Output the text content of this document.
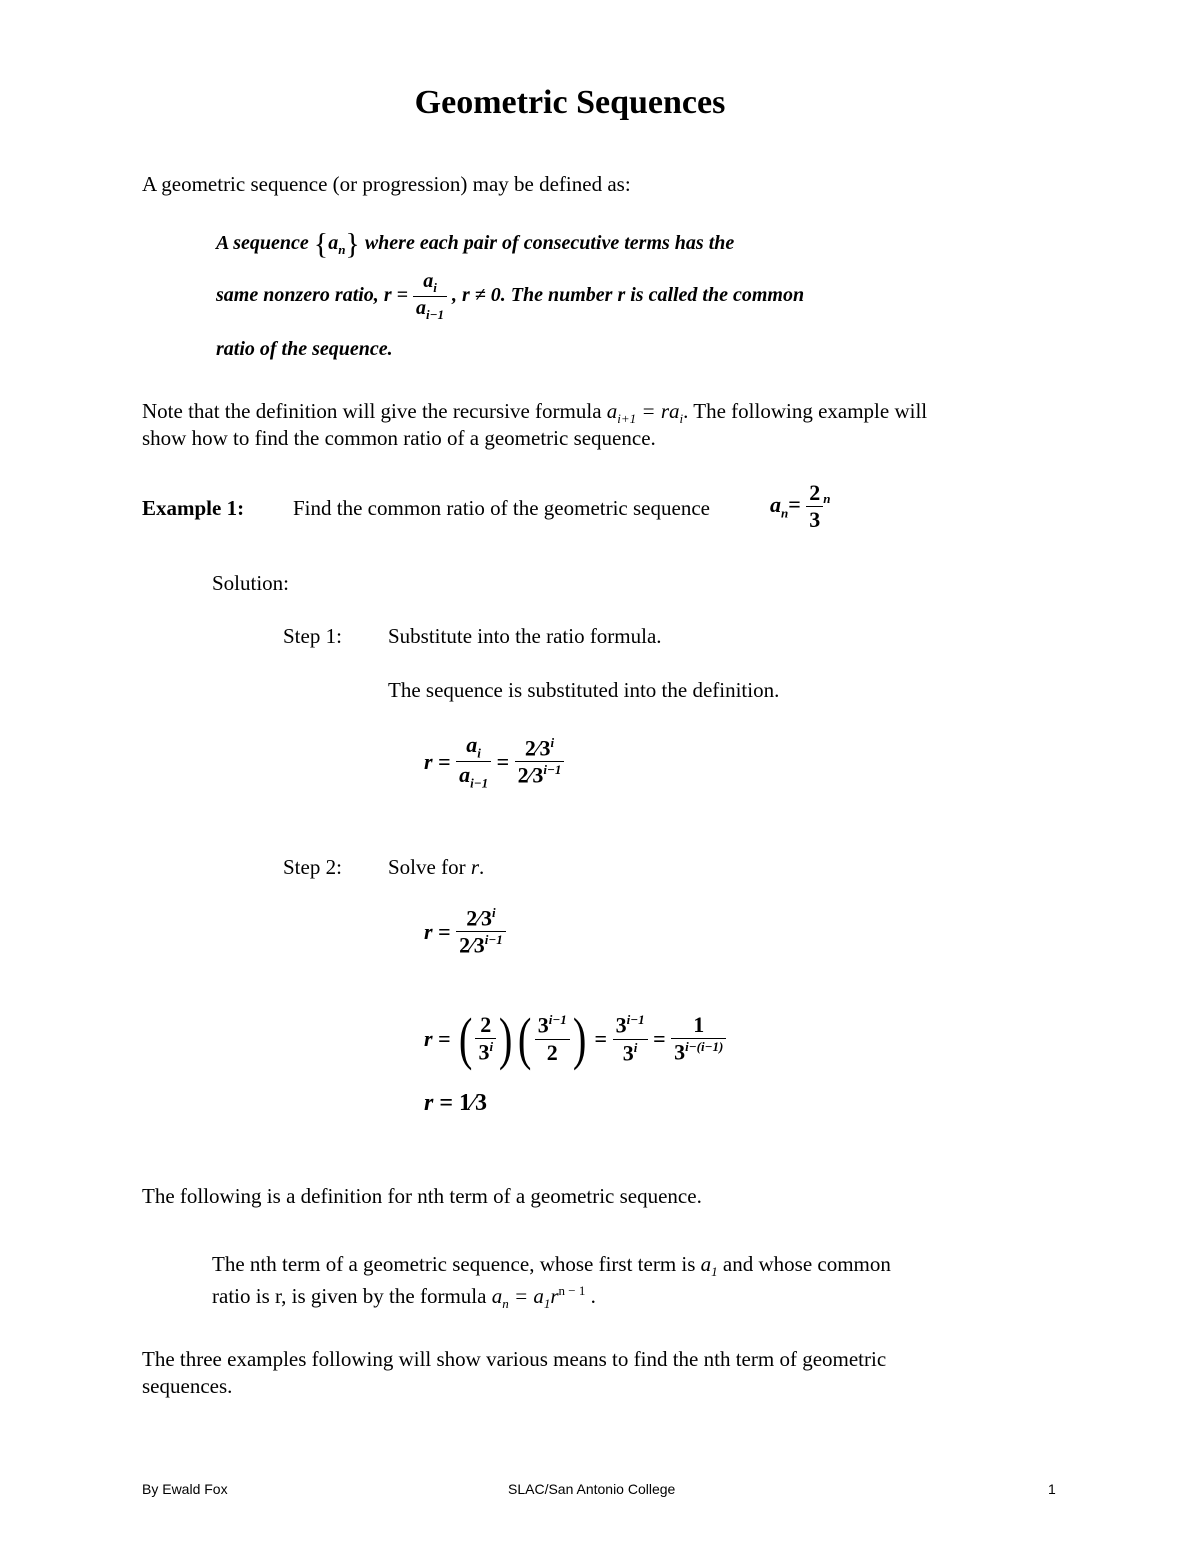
Geometric Sequences
A geometric sequence (or progression) may be defined as:
A sequence $\{a_n\}$ where each pair of consecutive terms has the
same nonzero ratio, $r = \frac{a_i}{a_{i-1}}$ , r ≠ 0. The number r is called the common
ratio of the sequence.
Note that the definition will give the recursive formula $a_{i+1} = ra_i$. The following example will
show how to find the common ratio of a geometric sequence.
Example 1: Find the common ratio of the geometric sequence	$a_n= \frac{2}{3} ^n$
Solution:
Step 1: Substitute into the ratio formula.
The sequence is substituted into the definition.
$r = \frac{a_i}{a_{i-1}} = \frac{2⁄3^i}{2⁄3^{i-1}}$
Step 2: Solve for r.
$r = \frac{2⁄3^i}{2⁄3^{i-1}}$
r = ( $\frac{2}{3^i}$ )( $\frac{3^{i-1}}{2}$ ) = $\frac{3^{i-1}}{3^i} = \frac{1}{3^{i-(i-1)}}$
r = 1⁄3
The following is a definition for nth term of a geometric sequence.
The nth term of a geometric sequence, whose first term is $a_1$ and whose common
ratio is r, is given by the formula $a_n = a_1r^{n - 1}$ .
The three examples following will show various means to find the nth term of geometric
sequences.
By Ewald Fox	SLAC/San Antonio College	1
